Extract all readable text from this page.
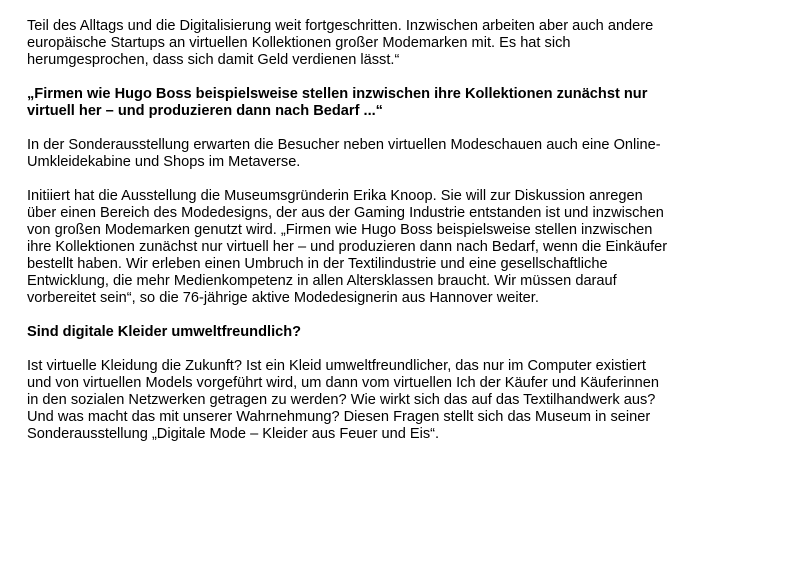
Teil des Alltags und die Digitalisierung weit fortgeschritten. Inzwischen arbeiten aber auch andere
europäische Startups an virtuellen Kollektionen großer Modemarken mit. Es hat sich
herumgesprochen, dass sich damit Geld verdienen lässt.“

„Firmen wie Hugo Boss beispielsweise stellen inzwischen ihre Kollektionen zunächst nur
virtuell her – und produzieren dann nach Bedarf ...“

In der Sonderausstellung erwarten die Besucher neben virtuellen Modeschauen auch eine Online-
Umkleidekabine und Shops im Metaverse.

Initiiert hat die Ausstellung die Museumsgründerin Erika Knoop. Sie will zur Diskussion anregen
über einen Bereich des Modedesigns, der aus der Gaming Industrie entstanden ist und inzwischen
von großen Modemarken genutzt wird. „Firmen wie Hugo Boss beispielsweise stellen inzwischen
ihre Kollektionen zunächst nur virtuell her – und produzieren dann nach Bedarf, wenn die Einkäufer
bestellt haben. Wir erleben einen Umbruch in der Textilindustrie und eine gesellschaftliche
Entwicklung, die mehr Medienkompetenz in allen Altersklassen braucht. Wir müssen darauf
vorbereitet sein“, so die 76-jährige aktive Modedesignerin aus Hannover weiter.

Sind digitale Kleider umweltfreundlich?

Ist virtuelle Kleidung die Zukunft? Ist ein Kleid umweltfreundlicher, das nur im Computer existiert
und von virtuellen Models vorgeführt wird, um dann vom virtuellen Ich der Käufer und Käuferinnen
in den sozialen Netzwerken getragen zu werden? Wie wirkt sich das auf das Textilhandwerk aus?
Und was macht das mit unserer Wahrnehmung? Diesen Fragen stellt sich das Museum in seiner
Sonderausstellung „Digitale Mode – Kleider aus Feuer und Eis“.
